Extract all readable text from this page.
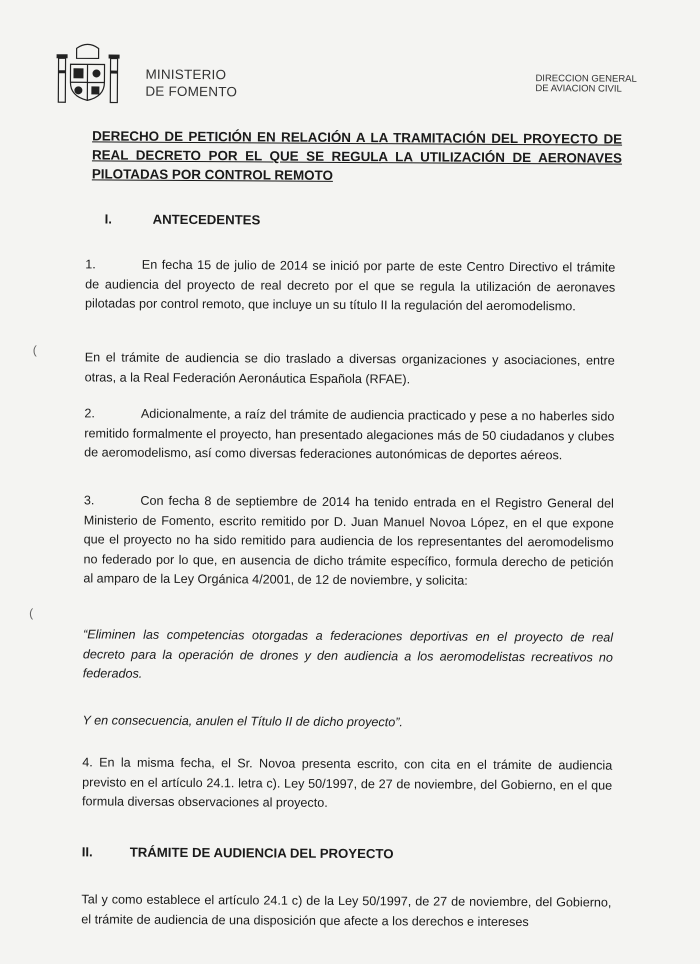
MINISTERIO
DE FOMENTO
DIRECCION GENERAL
DE AVIACION CIVIL
DERECHO DE PETICIÓN EN RELACIÓN A LA TRAMITACIÓN DEL PROYECTO DE REAL DECRETO POR EL QUE SE REGULA LA UTILIZACIÓN DE AERONAVES PILOTADAS POR CONTROL REMOTO
I.	ANTECEDENTES
1.	En fecha 15 de julio de 2014 se inició por parte de este Centro Directivo el trámite de audiencia del proyecto de real decreto por el que se regula la utilización de aeronaves pilotadas por control remoto, que incluye un su título II la regulación del aeromodelismo.
En el trámite de audiencia se dio traslado a diversas organizaciones y asociaciones, entre otras, a la Real Federación Aeronáutica Española (RFAE).
2.	Adicionalmente, a raíz del trámite de audiencia practicado y pese a no haberles sido remitido formalmente el proyecto, han presentado alegaciones más de 50 ciudadanos y clubes de aeromodelismo, así como diversas federaciones autonómicas de deportes aéreos.
3.	Con fecha 8 de septiembre de 2014 ha tenido entrada en el Registro General del Ministerio de Fomento, escrito remitido por D. Juan Manuel Novoa López, en el que expone que el proyecto no ha sido remitido para audiencia de los representantes del aeromodelismo no federado por lo que, en ausencia de dicho trámite específico, formula derecho de petición al amparo de la Ley Orgánica 4/2001, de 12 de noviembre, y solicita:
“Eliminen las competencias otorgadas a federaciones deportivas en el proyecto de real decreto para la operación de drones y den audiencia a los aeromodelistas recreativos no federados.
Y en consecuencia, anulen el Título II de dicho proyecto”.
4. En la misma fecha, el Sr. Novoa presenta escrito, con cita en el trámite de audiencia previsto en el artículo 24.1. letra c). Ley 50/1997, de 27 de noviembre, del Gobierno, en el que formula diversas observaciones al proyecto.
II.	TRÁMITE DE AUDIENCIA DEL PROYECTO
Tal y como establece el artículo 24.1 c) de la Ley 50/1997, de 27 de noviembre, del Gobierno, el trámite de audiencia de una disposición que afecte a los derechos e intereses
(
(
